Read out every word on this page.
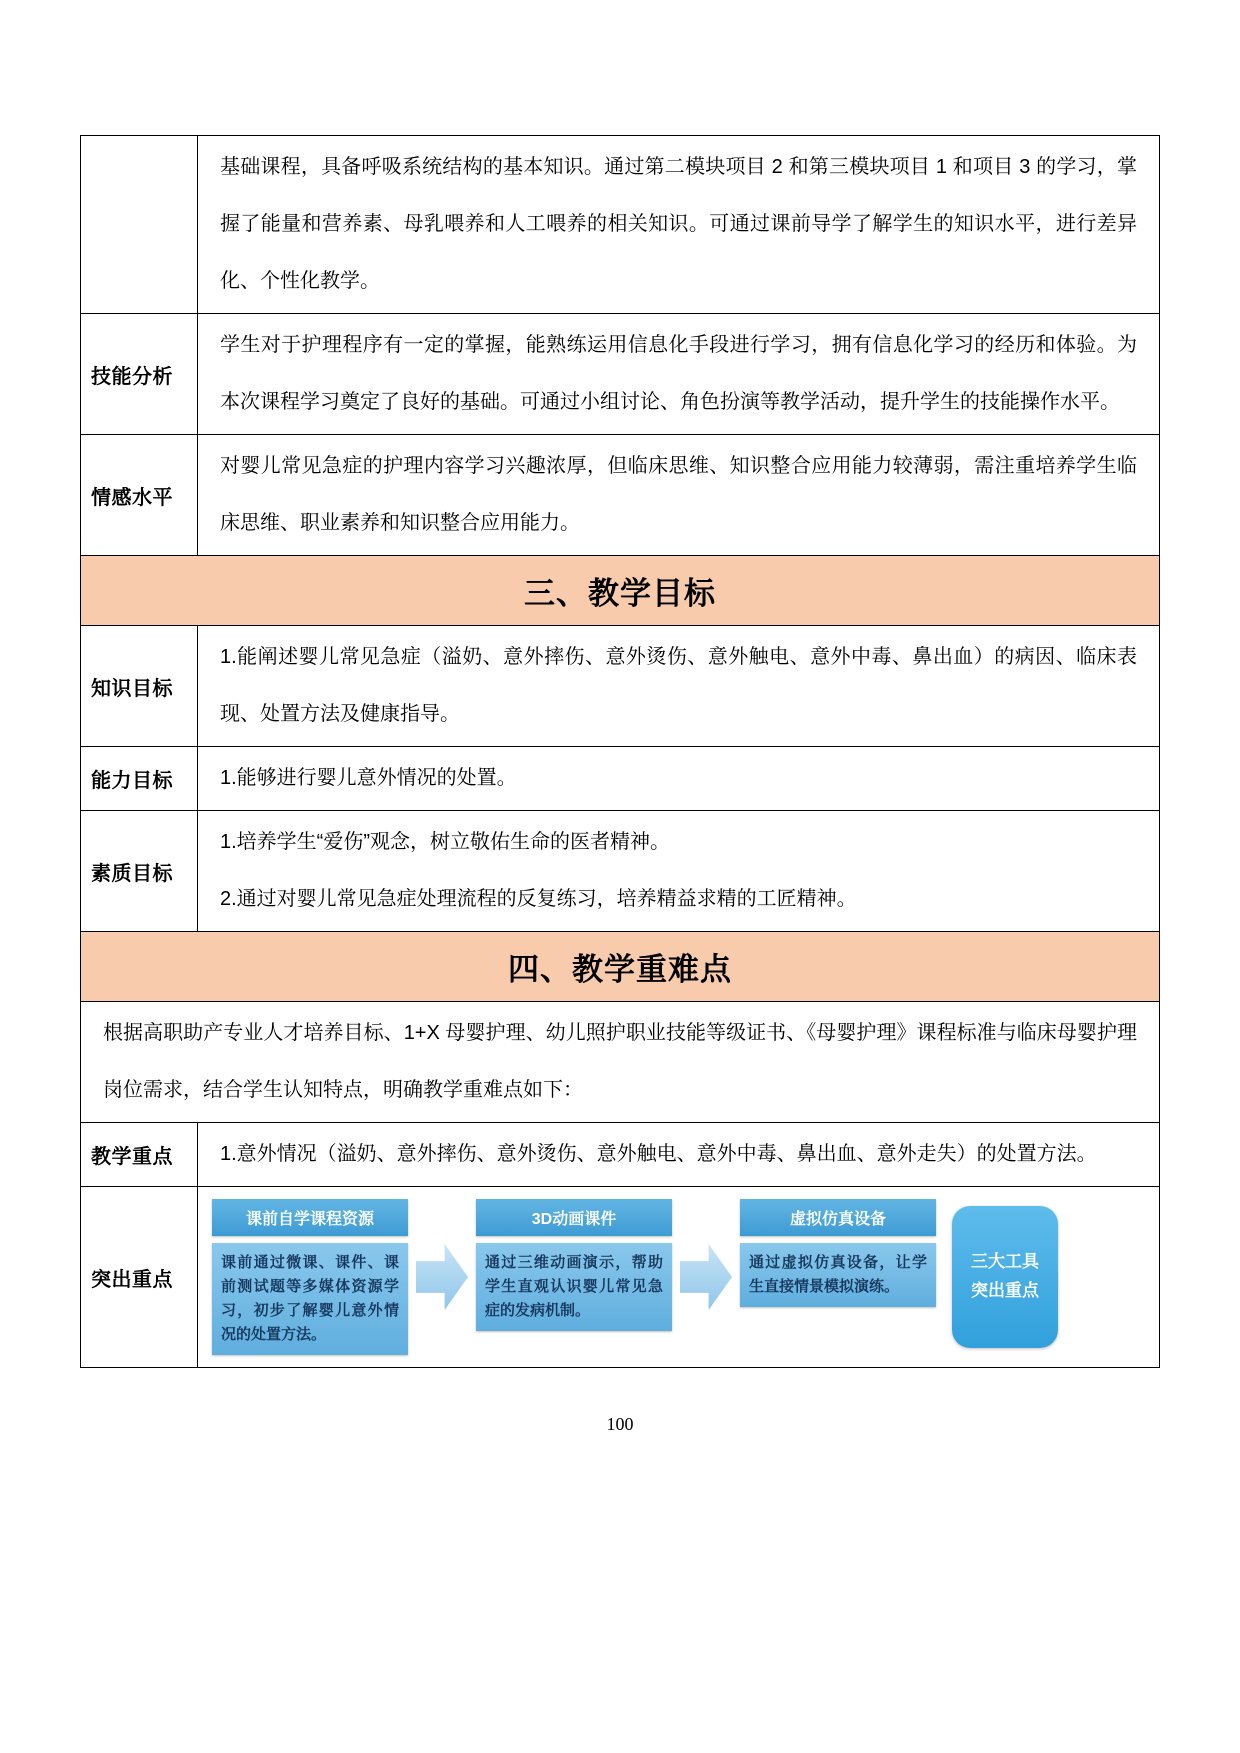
	基础课程，具备呼吸系统结构的基本知识。通过第二模块项目 2 和第三模块项目 1 和项目 3 的学习，掌握了能量和营养素、母乳喂养和人工喂养的相关知识。可通过课前导学了解学生的知识水平，进行差异化、个性化教学。
技能分析	学生对于护理程序有一定的掌握，能熟练运用信息化手段进行学习，拥有信息化学习的经历和体验。为本次课程学习奠定了良好的基础。可通过小组讨论、角色扮演等教学活动，提升学生的技能操作水平。
情感水平	对婴儿常见急症的护理内容学习兴趣浓厚，但临床思维、知识整合应用能力较薄弱，需注重培养学生临床思维、职业素养和知识整合应用能力。
三、教学目标	
知识目标	1.能阐述婴儿常见急症（溢奶、意外摔伤、意外烫伤、意外触电、意外中毒、鼻出血）的病因、临床表现、处置方法及健康指导。
能力目标	1.能够进行婴儿意外情况的处置。
素质目标	1.培养学生“爱伤”观念，树立敬佑生命的医者精神。
2.通过对婴儿常见急症处理流程的反复练习，培养精益求精的工匠精神。

四、教学重难点	
根据高职助产专业人才培养目标、1+X 母婴护理、幼儿照护职业技能等级证书、《母婴护理》课程标准与临床母婴护理岗位需求，结合学生认知特点，明确教学重难点如下：	
教学重点	1.意外情况（溢奶、意外摔伤、意外烫伤、意外触电、意外中毒、鼻出血、意外走失）的处置方法。
突出重点	
课前自学课程资源
课前通过微课、课件、课前测试题等多媒体资源学习，初步了解婴儿意外情况的处置方法。
3D动画课件
通过三维动画演示，帮助学生直观认识婴儿常见急症的发病机制。
虚拟仿真设备
通过虚拟仿真设备，让学生直接情景模拟演练。
三大工具
突出重点
100
